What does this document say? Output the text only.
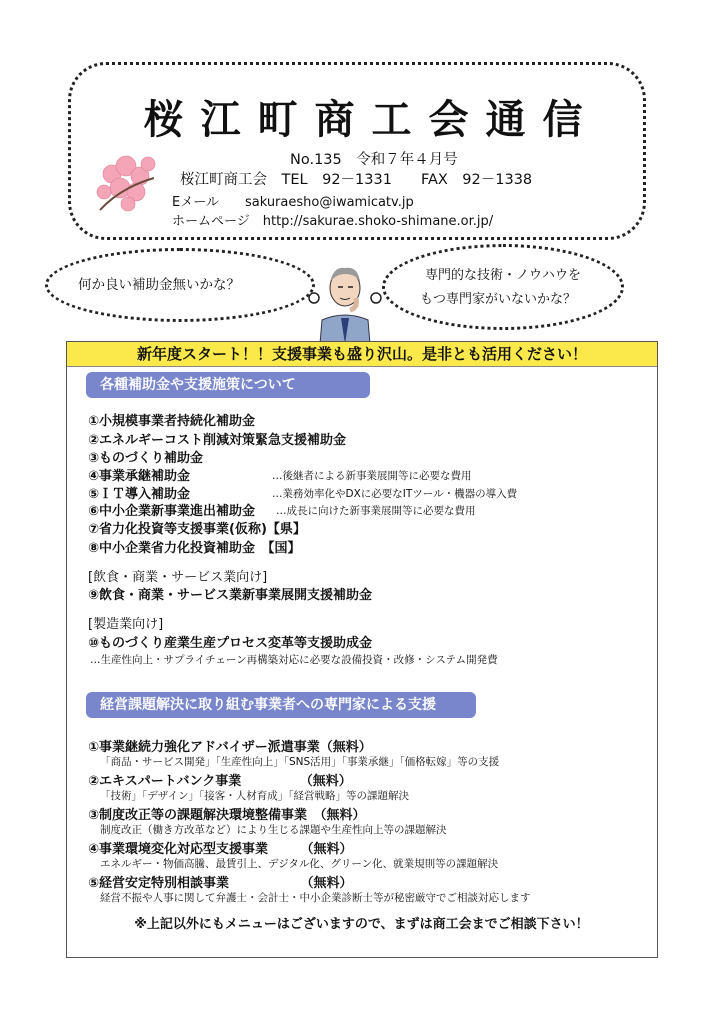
桜江町商工会通信
No.135　令和７年４月号
桜江町商工会　TEL　92－1331　　FAX　92－1338
Eメール　　sakuraesho@iwamicatv.jp
ホームページ　http://sakurae.shoko-shimane.or.jp/
何か良い補助金無いかな？
専門的な技術・ノウハウを
もつ専門家がいないかな？
新年度スタート！！支援事業も盛り沢山。是非とも活用ください！
各種補助金や支援施策について
①小規模事業者持続化補助金
②エネルギーコスト削減対策緊急支援補助金
③ものづくり補助金
④事業承継補助金	…後継者による新事業展開等に必要な費用
⑤ＩＴ導入補助金	…業務効率化やDXに必要なITツール・機器の導入費
⑥中小企業新事業進出補助金 …成長に向けた新事業展開等に必要な費用
⑦省力化投資等支援事業(仮称)【県】
⑧中小企業省力化投資補助金　【国】
[飲食・商業・サービス業向け]
⑨飲食・商業・サービス業新事業展開支援補助金
[製造業向け]
⑩ものづくり産業生産プロセス変革等支援助成金
…生産性向上・サプライチェーン再構築対応に必要な設備投資・改修・システム開発費
経営課題解決に取り組む事業者への専門家による支援
①事業継続力強化アドバイザー派遣事業（無料）
「商品・サービス開発」「生産性向上」「SNS活用」「事業承継」「価格転嫁」等の支援
②エキスパートバンク事業　　　　　（無料）
「技術」「デザイン」「接客・人材育成」「経営戦略」等の課題解決
③制度改正等の課題解決環境整備事業　（無料）
制度改正（働き方改革など）により生じる課題や生産性向上等の課題解決
④事業環境変化対応型支援事業　　　（無料）
エネルギー・物価高騰、最賃引上、デジタル化、グリーン化、就業規則等の課題解決
⑤経営安定特別相談事業　　　　　　（無料）
経営不振や人事に関して弁護士・会計士・中小企業診断士等が秘密厳守でご相談対応します
※上記以外にもメニューはございますので、まずは商工会までご相談下さい！
